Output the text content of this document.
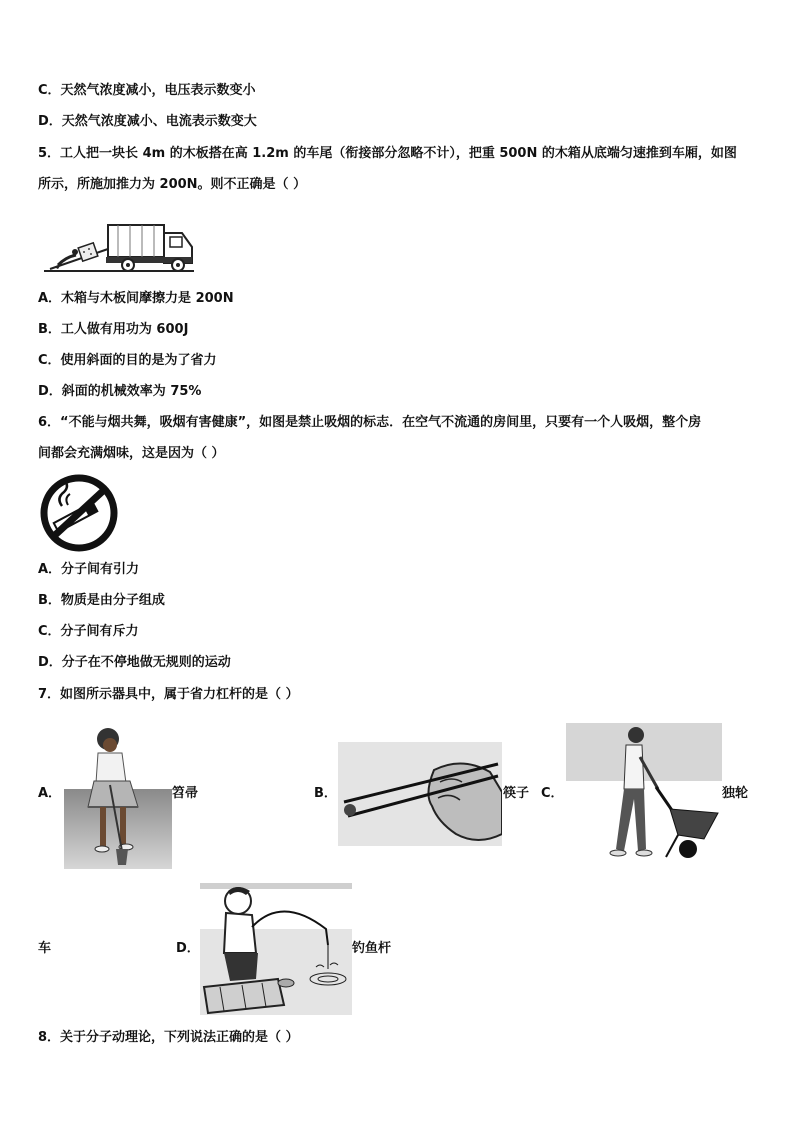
C．天然气浓度减小，电压表示数变小
D．天然气浓度减小、电流表示数变大
5．工人把一块长 4m 的木板搭在高 1.2m 的车尾（衔接部分忽略不计），把重 500N 的木箱从底端匀速推到车厢，如图
所示，所施加推力为 200N。则不正确是（ ）
A．木箱与木板间摩擦力是 200N
B．工人做有用功为 600J
C．使用斜面的目的是为了省力
D．斜面的机械效率为 75%
6．“不能与烟共舞，吸烟有害健康”，如图是禁止吸烟的标志．在空气不流通的房间里，只要有一个人吸烟，整个房
间都会充满烟味，这是因为（ ）
A．分子间有引力
B．物质是由分子组成
C．分子间有斥力
D．分子在不停地做无规则的运动
7．如图所示器具中，属于省力杠杆的是（ ）
A．	笤帚	B．	筷子 C．	独轮
车	D．	钓鱼杆
8．关于分子动理论，下列说法正确的是（ ）
